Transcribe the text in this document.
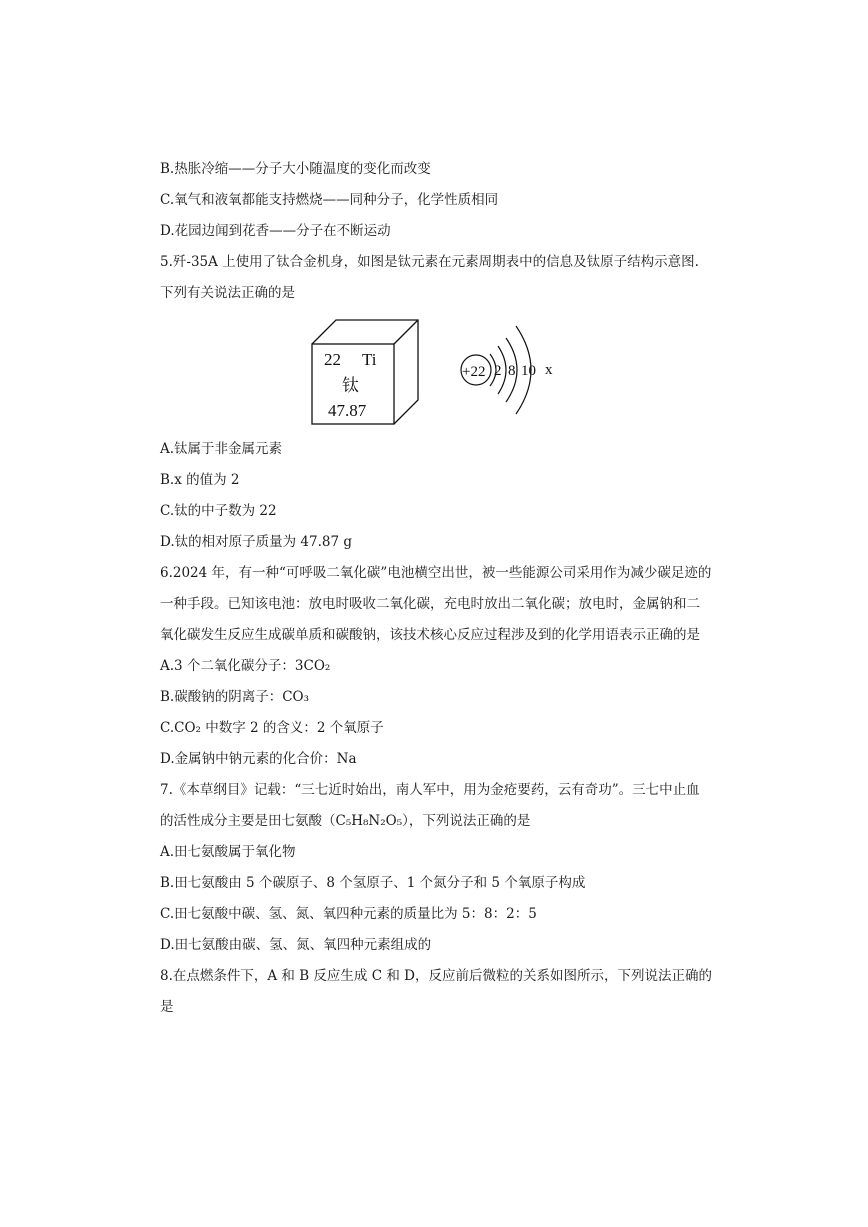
B.热胀冷缩——分子大小随温度的变化而改变
C.氧气和液氧都能支持燃烧——同种分子，化学性质相同
D.花园边闻到花香——分子在不断运动
5.歼-35A 上使用了钛合金机身，如图是钛元素在元素周期表中的信息及钛原子结构示意图.
下列有关说法正确的是
22 Ti
钛
47.87
+22 2 8 10 x
A.钛属于非金属元素
B.x 的值为 2
C.钛的中子数为 22
D.钛的相对原子质量为 47.87 g
6.2024 年，有一种“可呼吸二氧化碳”电池横空出世，被一些能源公司采用作为减少碳足迹的
一种手段。已知该电池：放电时吸收二氧化碳，充电时放出二氧化碳；放电时，金属钠和二
氧化碳发生反应生成碳单质和碳酸钠，该技术核心反应过程涉及到的化学用语表示正确的是
A.3 个二氧化碳分子：3CO₂
B.碳酸钠的阴离子：CO₃
C.CO₂ 中数字 2 的含义：2 个氧原子
D.金属钠中钠元素的化合价：Na
7.《本草纲目》记载：“三七近时始出，南人军中，用为金疮要药，云有奇功”。三七中止血
的活性成分主要是田七氨酸（C₅H₈N₂O₅），下列说法正确的是
A.田七氨酸属于氧化物
B.田七氨酸由 5 个碳原子、8 个氢原子、1 个氮分子和 5 个氧原子构成
C.田七氨酸中碳、氢、氮、氧四种元素的质量比为 5：8：2：5
D.田七氨酸由碳、氢、氮、氧四种元素组成的
8.在点燃条件下，A 和 B 反应生成 C 和 D，反应前后微粒的关系如图所示，下列说法正确的
是
